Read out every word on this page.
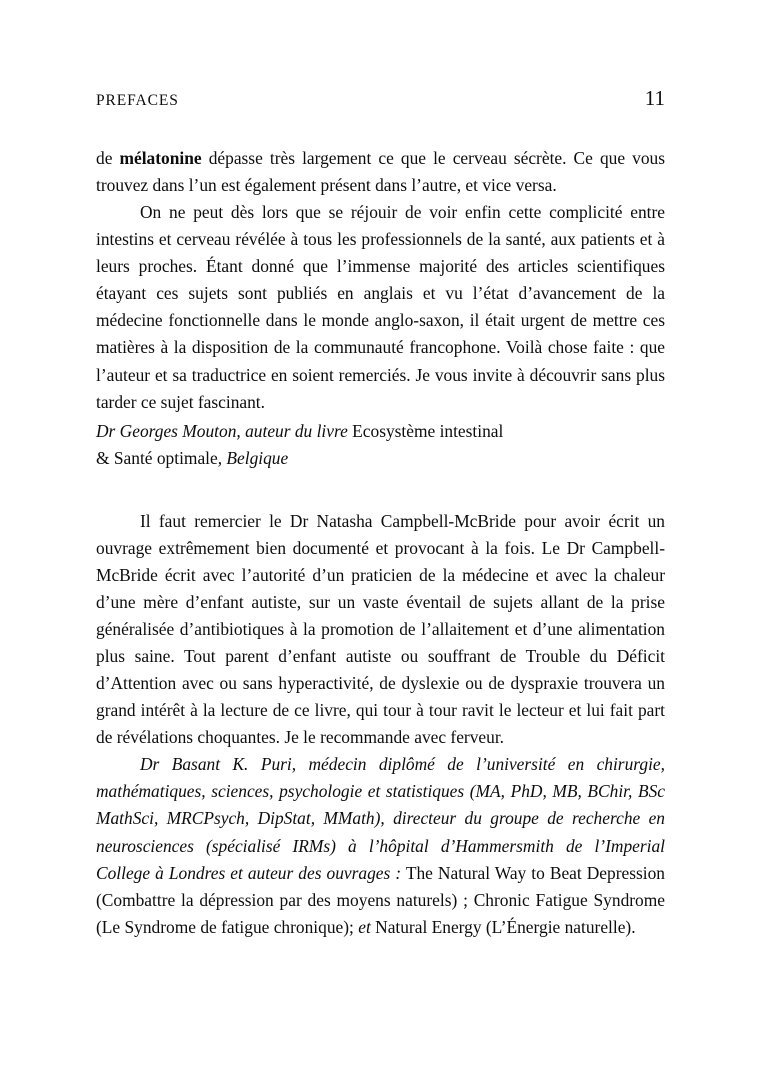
PREFACES	11

de mélatonine dépasse très largement ce que le cerveau sécrète. Ce que vous trouvez dans l’un est également présent dans l’autre, et vice versa.

On ne peut dès lors que se réjouir de voir enfin cette complicité entre intestins et cerveau révélée à tous les professionnels de la santé, aux patients et à leurs proches. Étant donné que l’immense majorité des articles scientifiques étayant ces sujets sont publiés en anglais et vu l’état d’avancement de la médecine fonctionnelle dans le monde anglo-saxon, il était urgent de mettre ces matières à la disposition de la communauté francophone. Voilà chose faite : que l’auteur et sa traductrice en soient remerciés. Je vous invite à découvrir sans plus tarder ce sujet fascinant.

Dr Georges Mouton, auteur du livre Ecosystème intestinal

& Santé optimale, Belgique

Il faut remercier le Dr Natasha Campbell-McBride pour avoir écrit un ouvrage extrêmement bien documenté et provocant à la fois. Le Dr Campbell-McBride écrit avec l’autorité d’un praticien de la médecine et avec la chaleur d’une mère d’enfant autiste, sur un vaste éventail de sujets allant de la prise généralisée d’antibiotiques à la promotion de l’allaitement et d’une alimentation plus saine. Tout parent d’enfant autiste ou souffrant de Trouble du Déficit d’Attention avec ou sans hyperactivité, de dyslexie ou de dyspraxie trouvera un grand intérêt à la lecture de ce livre, qui tour à tour ravit le lecteur et lui fait part de révélations choquantes. Je le recommande avec ferveur.

Dr Basant K. Puri, médecin diplômé de l’université en chirurgie, mathématiques, sciences, psychologie et statistiques (MA, PhD, MB, BChir, BSc MathSci, MRCPsych, DipStat, MMath), directeur du groupe de recherche en neurosciences (spécialisé IRMs) à l’hôpital d’Hammersmith de l’Imperial College à Londres et auteur des ouvrages : The Natural Way to Beat Depression (Combattre la dépression par des moyens naturels) ; Chronic Fatigue Syndrome (Le Syndrome de fatigue chronique); et Natural Energy (L’Énergie naturelle).
